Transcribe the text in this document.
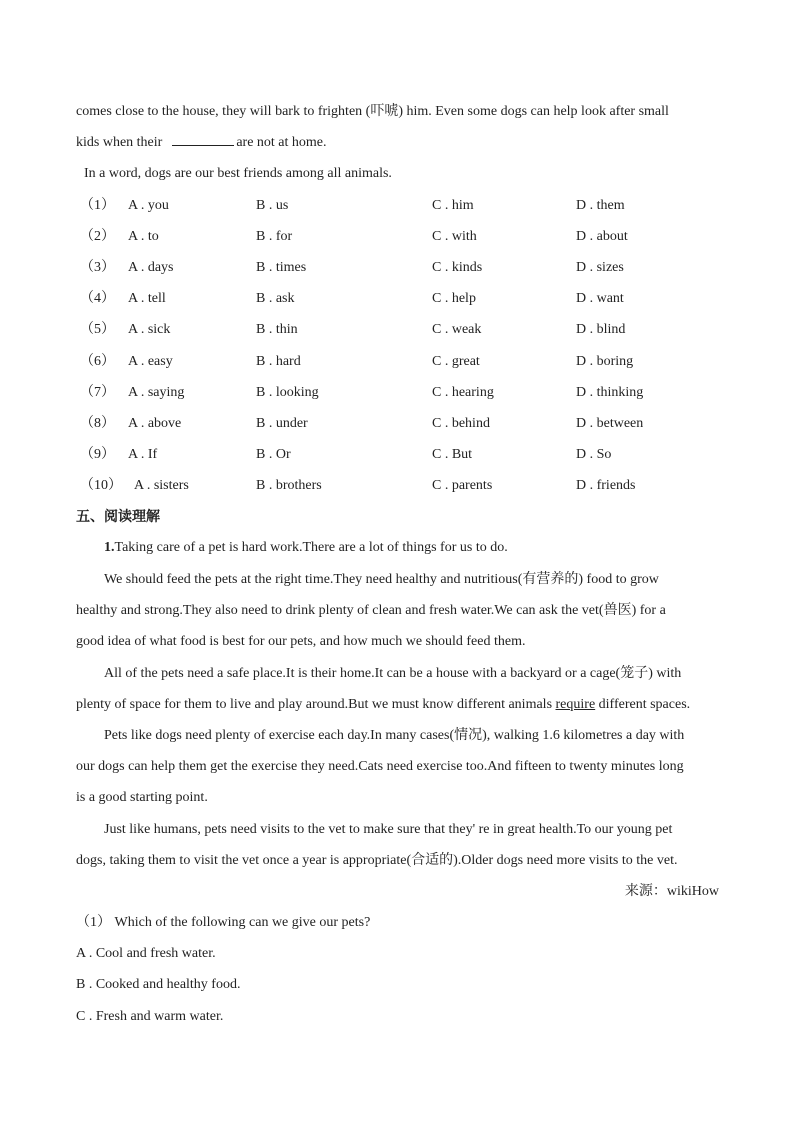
comes close to the house, they will bark to frighten (吓唬) him. Even some dogs can help look after small
kids when their	are not at home.
In a word, dogs are our best friends among all animals.
（1） A . you	B . us	C . him	D . them
（2） A . to	B . for	C . with	D . about
（3） A . days	B . times	C . kinds	D . sizes
（4） A . tell	B . ask	C . help	D . want
（5） A . sick	B . thin	C . weak	D . blind
（6） A . easy	B . hard	C . great	D . boring
（7） A . saying	B . looking	C . hearing	D . thinking
（8） A . above	B . under	C . behind	D . between
（9） A . If	B . Or	C . But	D . So
（10） A . sisters	B . brothers	C . parents	D . friends
五、阅读理解
1.Taking care of a pet is hard work.There are a lot of things for us to do.
We should feed the pets at the right time.They need healthy and nutritious(有营养的) food to grow
healthy and strong.They also need to drink plenty of clean and fresh water.We can ask the vet(兽医) for a
good idea of what food is best for our pets, and how much we should feed them.
All of the pets need a safe place.It is their home.It can be a house with a backyard or a cage(笼子) with
plenty of space for them to live and play around.But we must know different animals require different spaces.
Pets like dogs need plenty of exercise each day.In many cases(情况), walking 1.6 kilometres a day with
our dogs can help them get the exercise they need.Cats need exercise too.And fifteen to twenty minutes long
is a good starting point.
Just like humans, pets need visits to the vet to make sure that they' re in great health.To our young pet
dogs, taking them to visit the vet once a year is appropriate(合适的).Older dogs need more visits to the vet.
来源：wikiHow
（1） Which of the following can we give our pets?
A . Cool and fresh water.
B . Cooked and healthy food.
C . Fresh and warm water.
